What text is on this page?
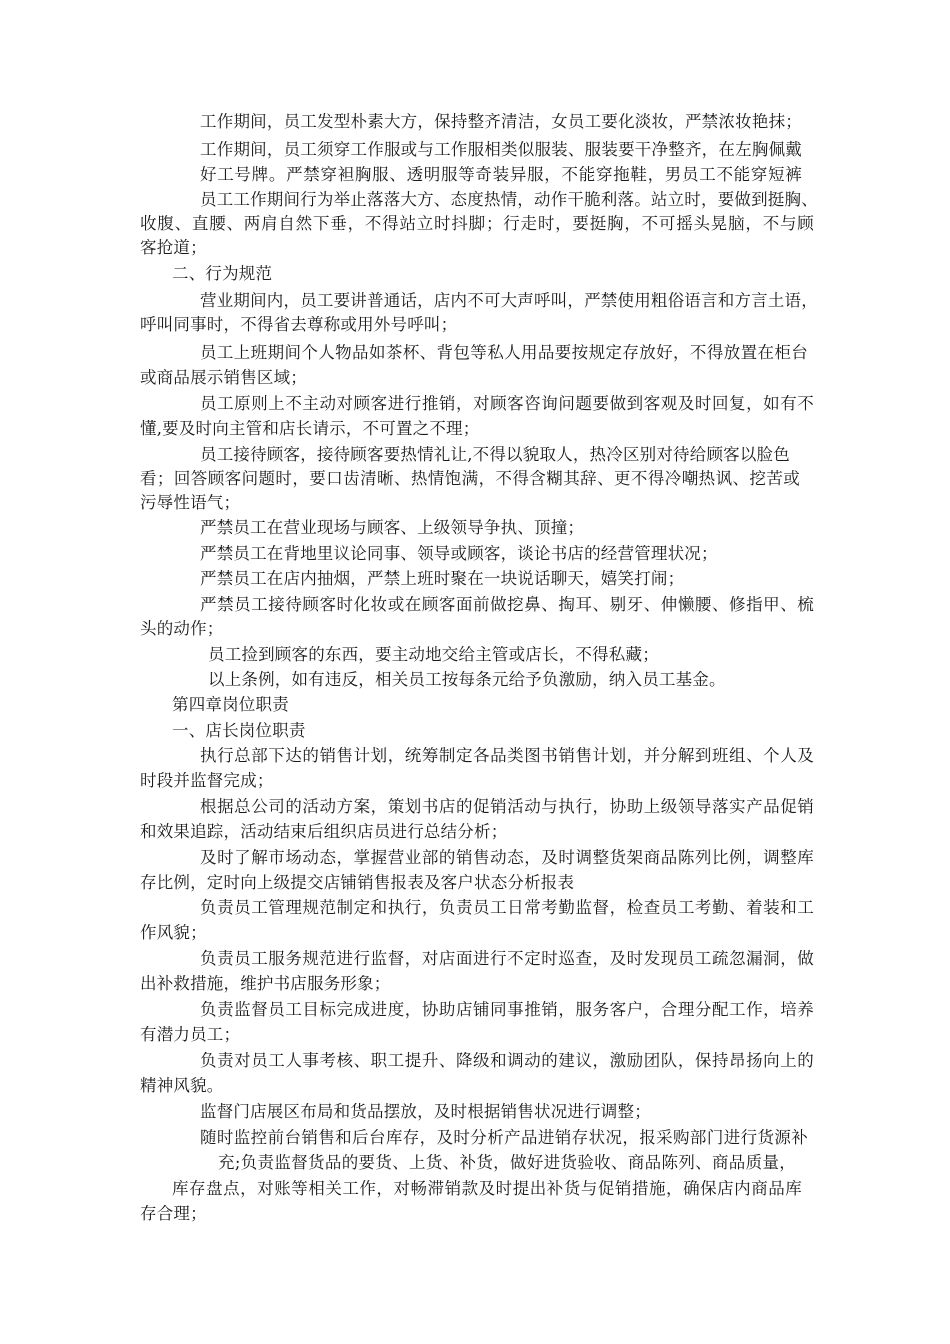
工作期间，员工发型朴素大方，保持整齐清洁，女员工要化淡妆，严禁浓妆艳抹；
工作期间，员工须穿工作服或与工作服相类似服装、服装要干净整齐，在左胸佩戴
好工号牌。严禁穿袒胸服、透明服等奇装异服，不能穿拖鞋，男员工不能穿短裤
员工工作期间行为举止落落大方、态度热情，动作干脆利落。站立时，要做到挺胸、
收腹、直腰、两肩自然下垂，不得站立时抖脚；行走时，要挺胸，不可摇头晃脑，不与顾
客抢道；
二、行为规范
营业期间内，员工要讲普通话，店内不可大声呼叫，严禁使用粗俗语言和方言土语，
呼叫同事时，不得省去尊称或用外号呼叫；
员工上班期间个人物品如茶杯、背包等私人用品要按规定存放好，不得放置在柜台
或商品展示销售区域；
员工原则上不主动对顾客进行推销，对顾客咨询问题要做到客观及时回复，如有不
懂,要及时向主管和店长请示，不可置之不理；
员工接待顾客，接待顾客要热情礼让,不得以貌取人，热冷区别对待给顾客以脸色
看；回答顾客问题时，要口齿清晰、热情饱满，不得含糊其辞、更不得冷嘲热讽、挖苦或
污辱性语气；
严禁员工在营业现场与顾客、上级领导争执、顶撞；
严禁员工在背地里议论同事、领导或顾客，谈论书店的经营管理状况；
严禁员工在店内抽烟，严禁上班时聚在一块说话聊天，嬉笑打闹；
严禁员工接待顾客时化妆或在顾客面前做挖鼻、掏耳、剔牙、伸懒腰、修指甲、梳
头的动作；
员工捡到顾客的东西，要主动地交给主管或店长，不得私藏；
以上条例，如有违反，相关员工按每条元给予负激励，纳入员工基金。
第四章岗位职责
一、店长岗位职责
执行总部下达的销售计划，统筹制定各品类图书销售计划，并分解到班组、个人及
时段并监督完成；
根据总公司的活动方案，策划书店的促销活动与执行，协助上级领导落实产品促销
和效果追踪，活动结束后组织店员进行总结分析；
及时了解市场动态，掌握营业部的销售动态，及时调整货架商品陈列比例，调整库
存比例，定时向上级提交店铺销售报表及客户状态分析报表
负责员工管理规范制定和执行，负责员工日常考勤监督，检查员工考勤、着装和工
作风貌；
负责员工服务规范进行监督，对店面进行不定时巡查，及时发现员工疏忽漏洞，做
出补救措施，维护书店服务形象；
负责监督员工目标完成进度，协助店铺同事推销，服务客户，合理分配工作，培养
有潜力员工；
负责对员工人事考核、职工提升、降级和调动的建议，激励团队，保持昂扬向上的
精神风貌。
监督门店展区布局和货品摆放，及时根据销售状况进行调整；
随时监控前台销售和后台库存，及时分析产品进销存状况，报采购部门进行货源补
充;负责监督货品的要货、上货、补货，做好进货验收、商品陈列、商品质量，
库存盘点，对账等相关工作，对畅滞销款及时提出补货与促销措施，确保店内商品库
存合理；
